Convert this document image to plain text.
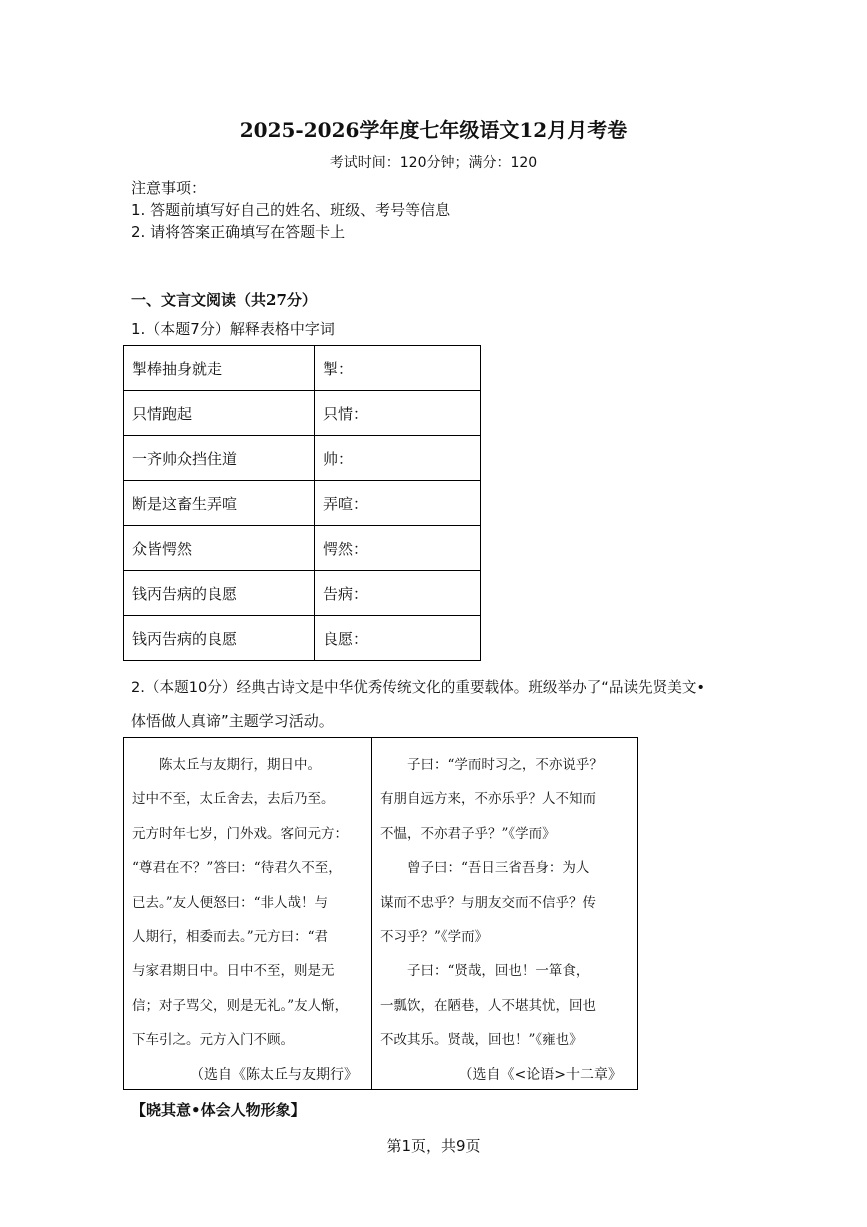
2025-2026学年度七年级语文12月月考卷
考试时间：120分钟；满分：120
注意事项：
1. 答题前填写好自己的姓名、班级、考号等信息
2. 请将答案正确填写在答题卡上
一、文言文阅读（共27分）
1.（本题7分）解释表格中字词
掣棒抽身就走	掣：
只情跑起	只情：
一齐帅众挡住道	帅：
断是这畜生弄喧	弄喧：
众皆愕然	愕然：
钱丙告病的良愿	告病：
钱丙告病的良愿	良愿：
2.（本题10分）经典古诗文是中华优秀传统文化的重要载体。班级举办了“品读先贤美文•
体悟做人真谛”主题学习活动。
陈太丘与友期行，期日中。
过中不至，太丘舍去，去后乃至。
元方时年七岁，门外戏。客问元方：
“尊君在不？”答曰：“待君久不至，
已去。”友人便怒曰：“非人哉！与
人期行，相委而去。”元方曰：“君
与家君期日中。日中不至，则是无
信；对子骂父，则是无礼。”友人惭，
下车引之。元方入门不顾。
（选自《陈太丘与友期行》
子曰：“学而时习之，不亦说乎？
有朋自远方来，不亦乐乎？人不知而
不愠，不亦君子乎？”《学而》
曾子曰：“吾日三省吾身：为人
谋而不忠乎？与朋友交而不信乎？传
不习乎？”《学而》
子曰：“贤哉，回也！一箪食，
一瓢饮，在陋巷，人不堪其忧，回也
不改其乐。贤哉，回也！”《雍也》
（选自《<论语>十二章》
【晓其意•体会人物形象】
第1页，共9页
